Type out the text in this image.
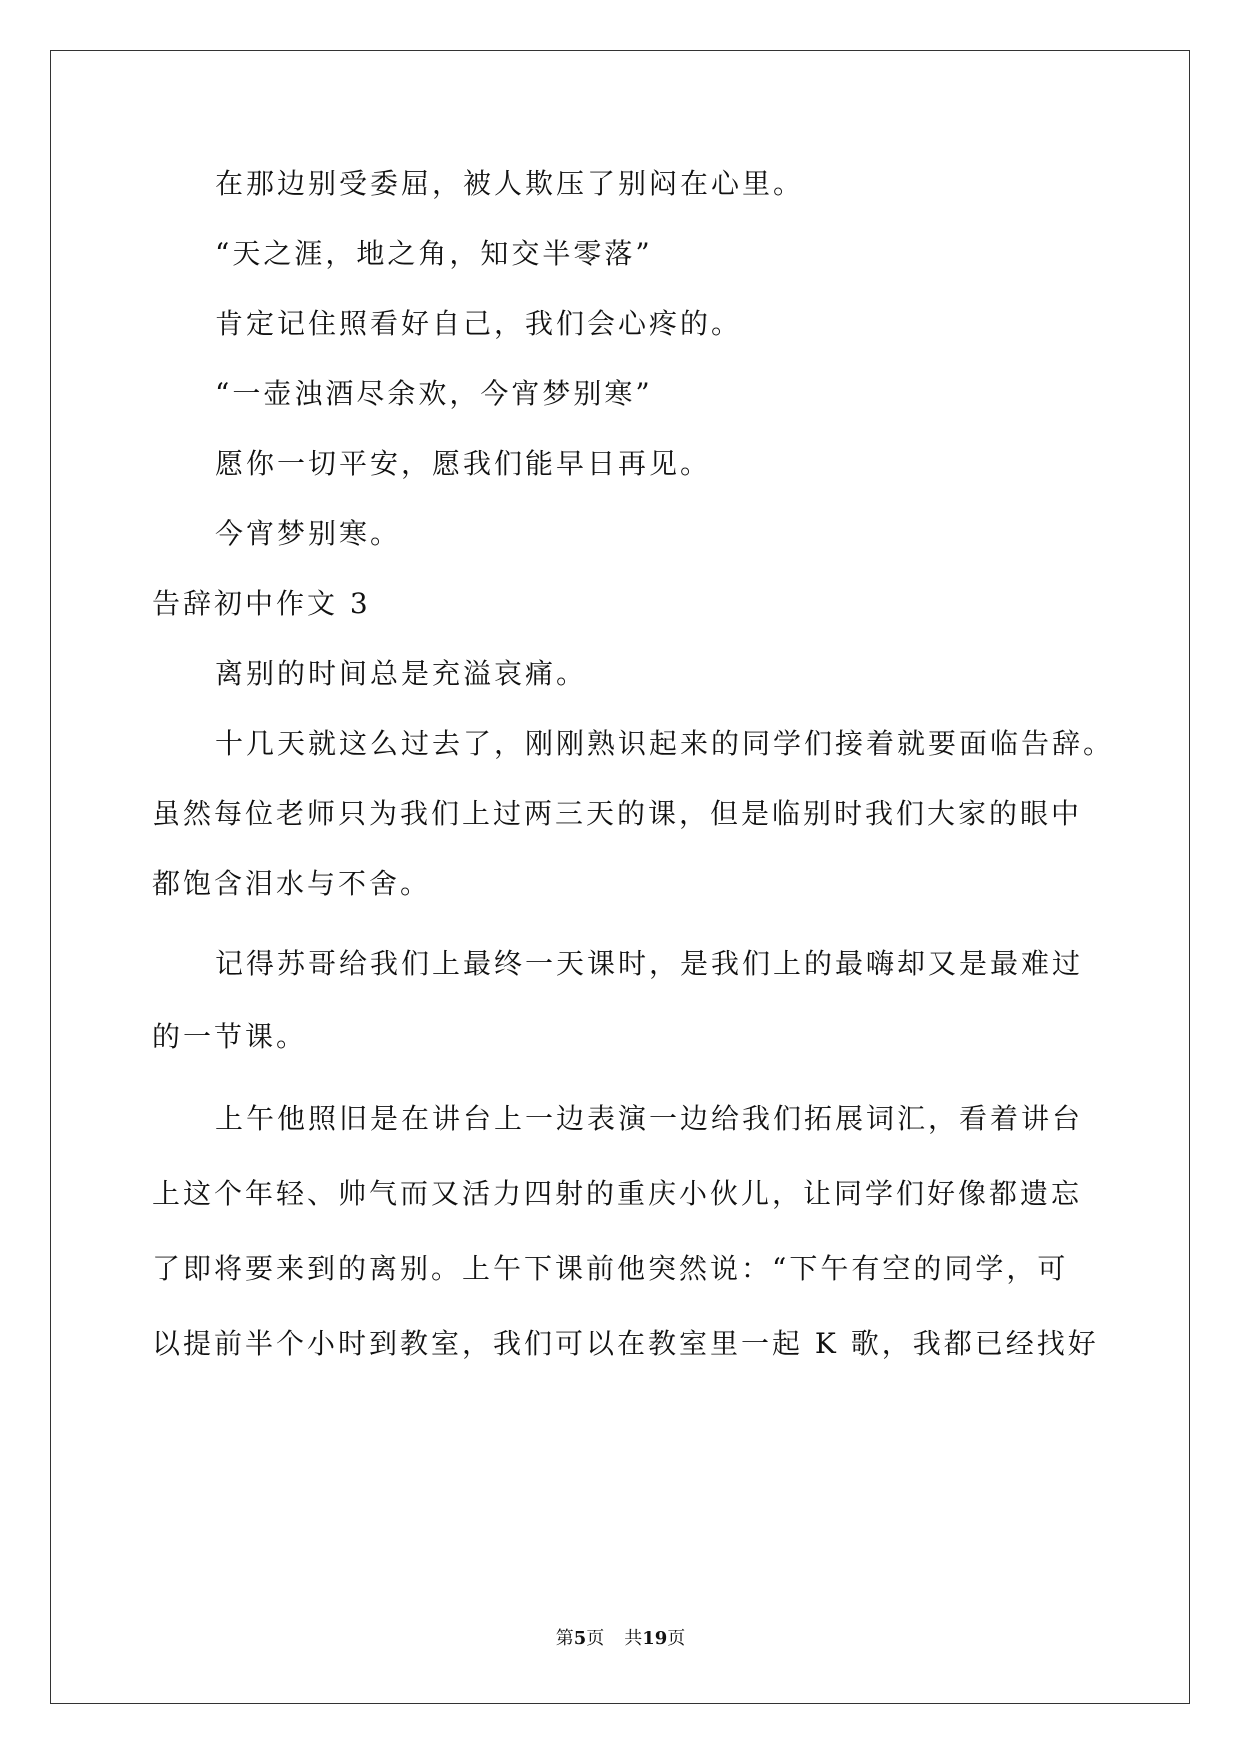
在那边别受委屈，被人欺压了别闷在心里。
“天之涯，地之角，知交半零落”
肯定记住照看好自己，我们会心疼的。
“一壶浊酒尽余欢，今宵梦别寒”
愿你一切平安，愿我们能早日再见。
今宵梦别寒。
告辞初中作文 3
离别的时间总是充溢哀痛。
十几天就这么过去了，刚刚熟识起来的同学们接着就要面临告辞。
虽然每位老师只为我们上过两三天的课，但是临别时我们大家的眼中
都饱含泪水与不舍。
记得苏哥给我们上最终一天课时，是我们上的最嗨却又是最难过
的一节课。
上午他照旧是在讲台上一边表演一边给我们拓展词汇，看着讲台
上这个年轻、帅气而又活力四射的重庆小伙儿，让同学们好像都遗忘
了即将要来到的离别。上午下课前他突然说：“下午有空的同学，可
以提前半个小时到教室，我们可以在教室里一起 K 歌，我都已经找好
第5页 共19页
